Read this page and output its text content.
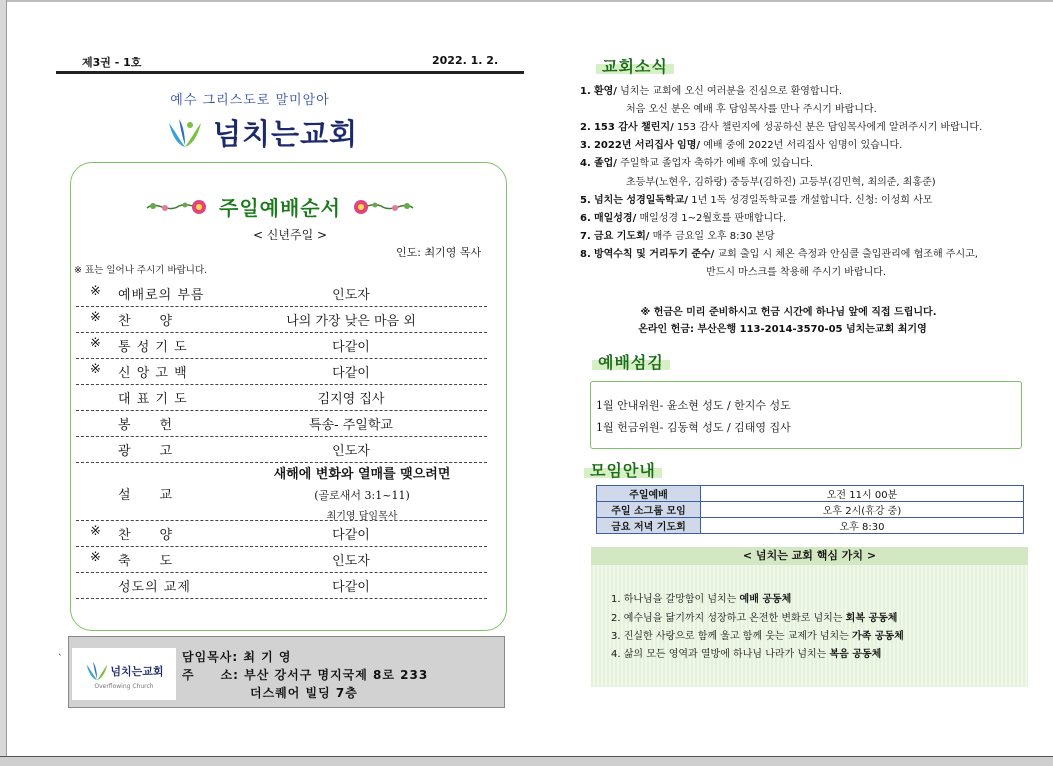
제3권 - 1호	2022. 1. 2.
예수 그리스도로 말미암아
넘치는교회
주일예배순서
< 신년주일 >
인도: 최기영 목사
※ 표는 일어나 주시기 바랍니다.
※ 예배로의 부름	인도자
※ 찬　　양	나의 가장 낮은 마음 외
※ 통 성 기 도	다같이
※ 신 앙 고 백	다같이
대 표 기 도	김지영 집사
봉　　헌	특송- 주일학교
광　　고	인도자
설　　교
새해에 변화와 열매를 맺으려면
(골로새서 3:1~11)
최기영 담임목사
※ 찬　　양	다같이
※ 축　　도	인도자
성도의 교제	다같이
`
넘치는교회
Overflowing Church
담임목사: 최 기 영
주　　소: 부산 강서구 명지국제 8로 233
더스퀘어 빌딩 7층
교회소식
1. 환영/ 넘치는 교회에 오신 여러분을 진심으로 환영합니다.
처음 오신 분은 예배 후 담임목사를 만나 주시기 바랍니다.
2. 153 감사 챌린지/ 153 감사 챌린지에 성공하신 분은 담임목사에게 알려주시기 바랍니다.
3. 2022년 서리집사 임명/ 예배 중에 2022년 서리집사 임명이 있습니다.
4. 졸업/ 주일학교 졸업자 축하가 예배 후에 있습니다.
초등부(노현우, 김하랑) 중등부(김하진) 고등부(김민혁, 최의준, 최홍준)
5. 넘치는 성경일독학교/ 1년 1독 성경일독학교를 개설합니다. 신청: 이성희 사모
6. 매일성경/ 매일성경 1~2월호를 판매합니다.
7. 금요 기도회/ 매주 금요일 오후 8:30 본당
8. 방역수칙 및 거리두기 준수/ 교회 출입 시 체온 측정과 안심콜 출입관리에 협조해 주시고,
반드시 마스크를 착용해 주시기 바랍니다.
※ 헌금은 미리 준비하시고 헌금 시간에 하나님 앞에 직접 드립니다.
온라인 헌금: 부산은행 113-2014-3570-05 넘치는교회 최기영
예배섬김
1월 안내위원- 윤소현 성도 / 한지수 성도
1월 헌금위원- 김동혁 성도 / 김태영 집사
모임안내
주일예배	오전 11시 00분
주일 소그룹 모임	오후 2시(휴강 중)
금요 저녁 기도회	오후 8:30
< 넘치는 교회 핵심 가치 >
1. 하나님을 갈망함이 넘치는 예배 공동체
2. 예수님을 닮기까지 성장하고 온전한 변화로 넘치는 회복 공동체
3. 진실한 사랑으로 함께 울고 함께 웃는 교제가 넘치는 가족 공동체
4. 삶의 모든 영역과 열방에 하나님 나라가 넘치는 복음 공동체
